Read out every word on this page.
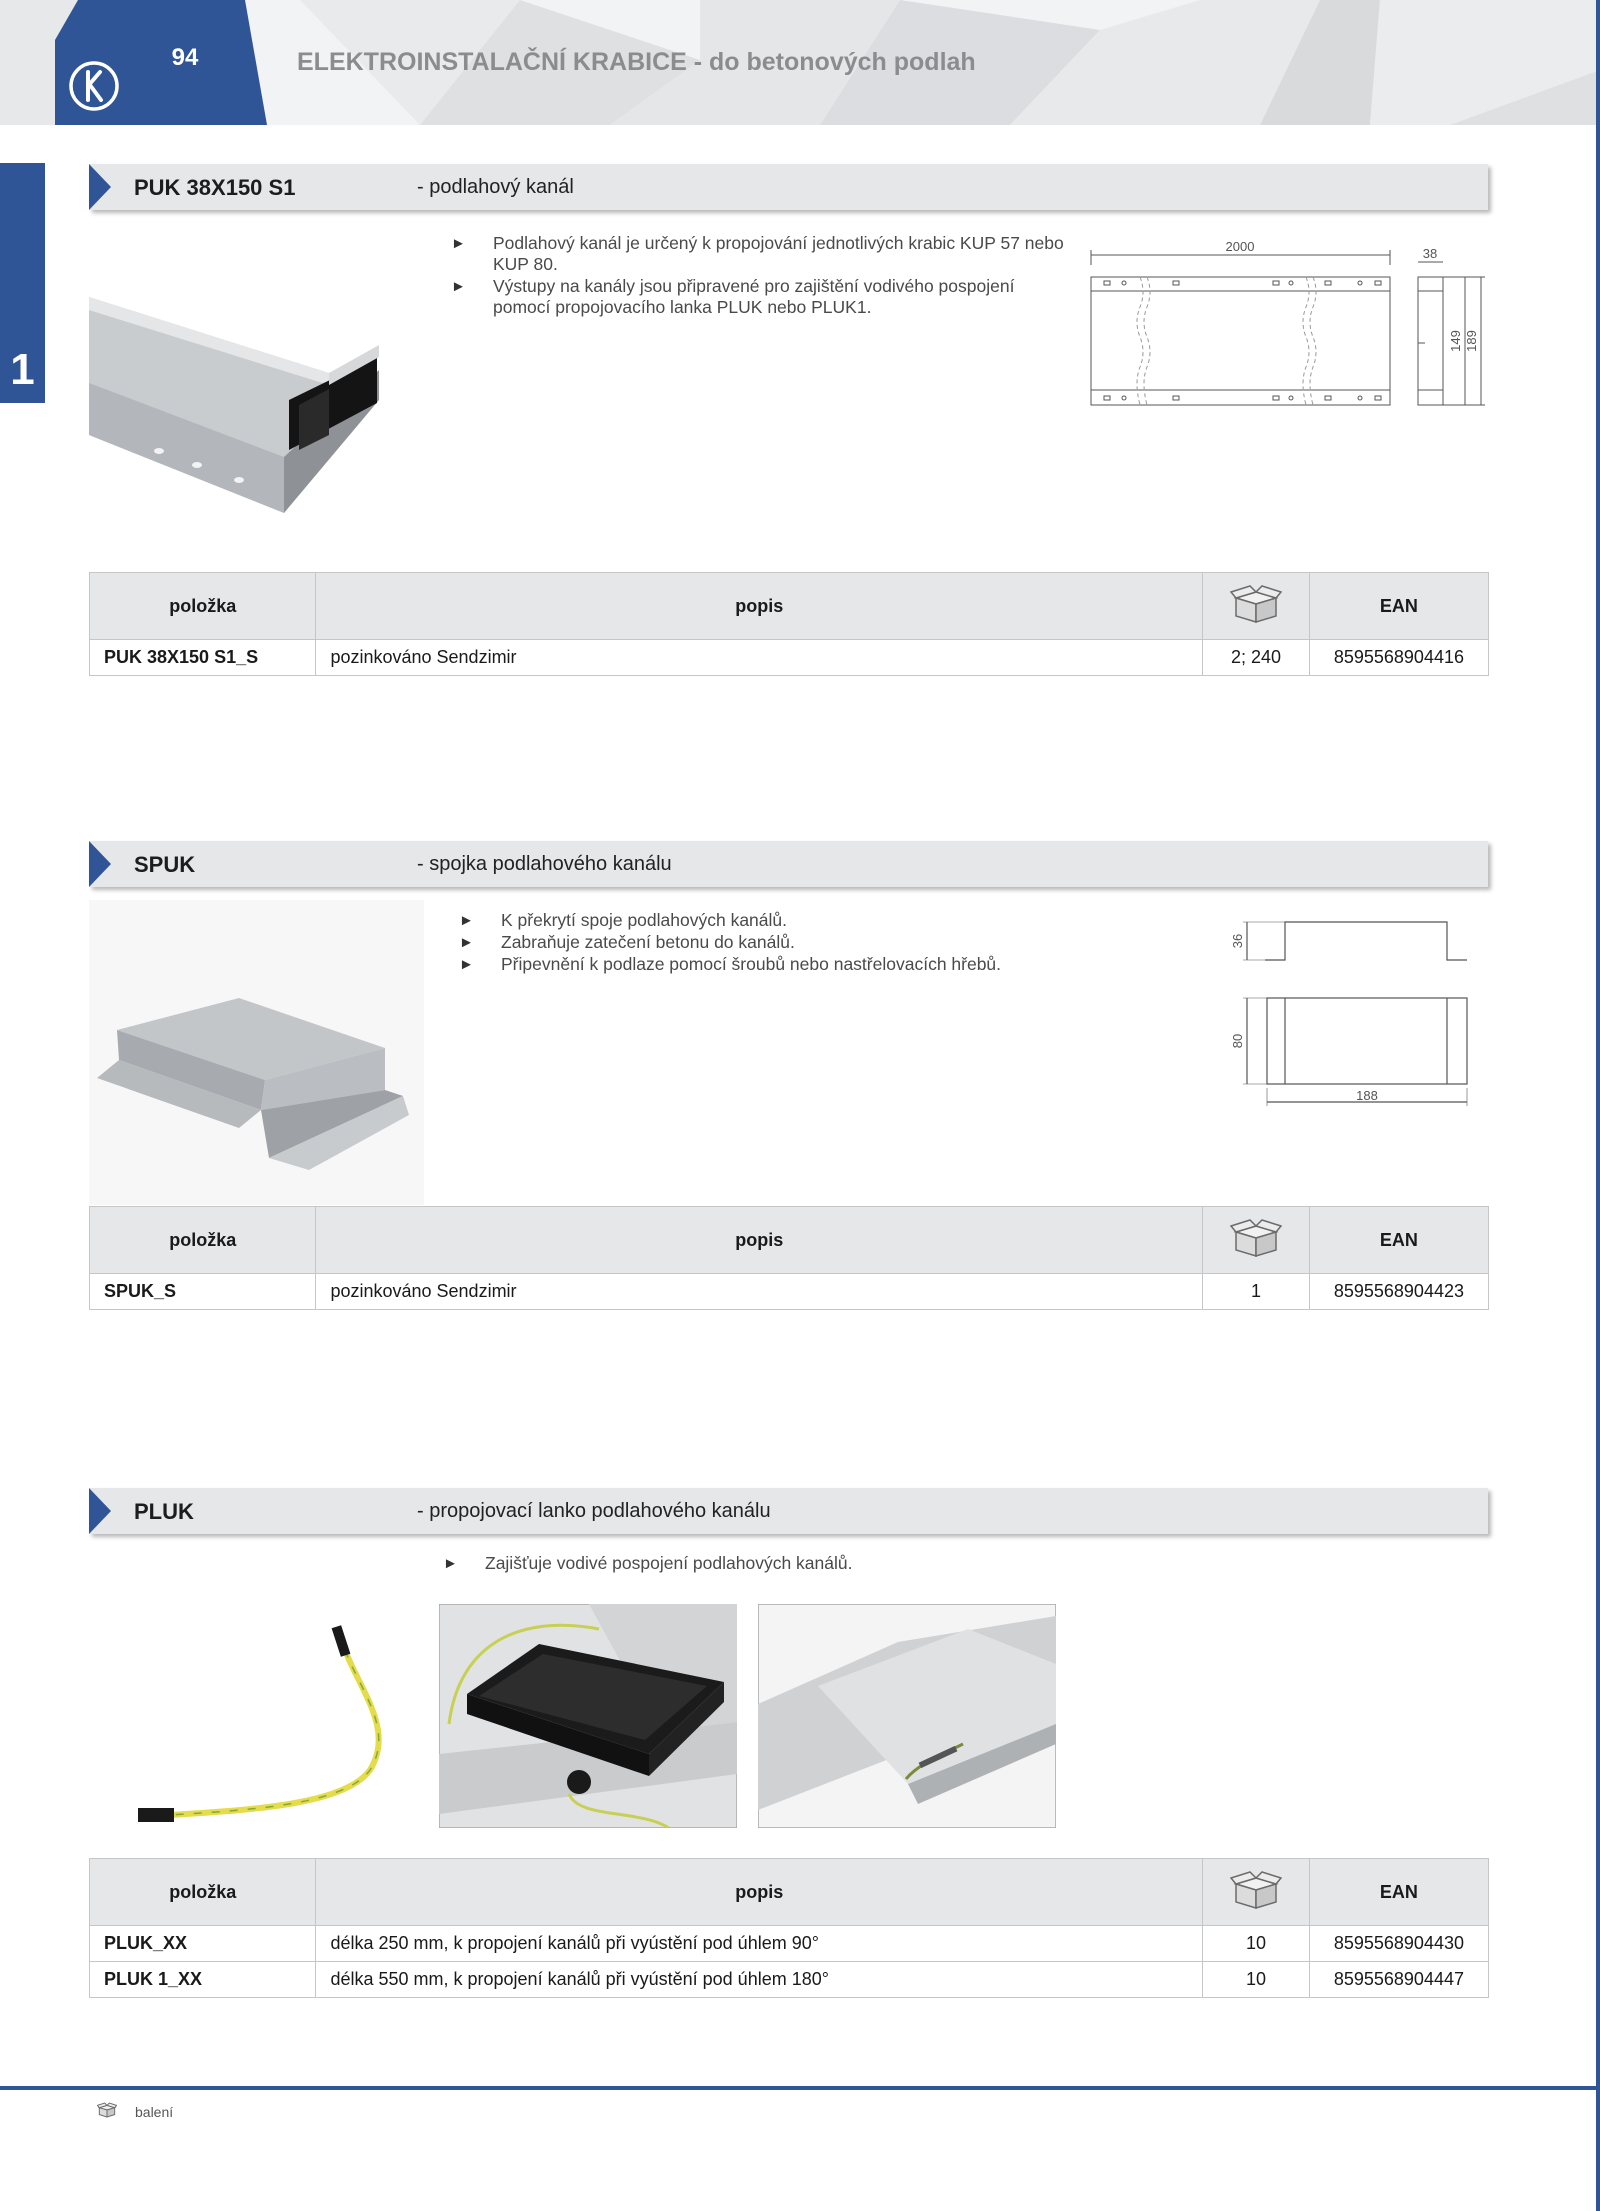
94	ELEKTROINSTALAČNÍ KRABICE - do betonových podlah
1
PUK 38X150 S1	- podlahový kanál
► Podlahový kanál je určený k propojování jednotlivých krabic KUP 57 nebo KUP 80.
► Výstupy na kanály jsou připravené pro zajištění vodivého pospojení pomocí propojovacího lanka PLUK nebo PLUK1.
2000	38
149 189
položka	popis		EAN
PUK 38X150 S1_S	pozinkováno Sendzimir	2; 240	8595568904416
SPUK	- spojka podlahového kanálu
► K překrytí spoje podlahových kanálů.
► Zabraňuje zatečení betonu do kanálů.
► Připevnění k podlaze pomocí šroubů nebo nastřelovacích hřebů.
36
80
188
položka	popis		EAN
SPUK_S	pozinkováno Sendzimir	1	8595568904423
PLUK	- propojovací lanko podlahového kanálu
► Zajišťuje vodivé pospojení podlahových kanálů.
položka	popis		EAN
PLUK_XX	délka 250 mm, k propojení kanálů při vyústění pod úhlem 90°	10	8595568904430
PLUK 1_XX	délka 550 mm, k propojení kanálů při vyústění pod úhlem 180°	10	8595568904447
balení
